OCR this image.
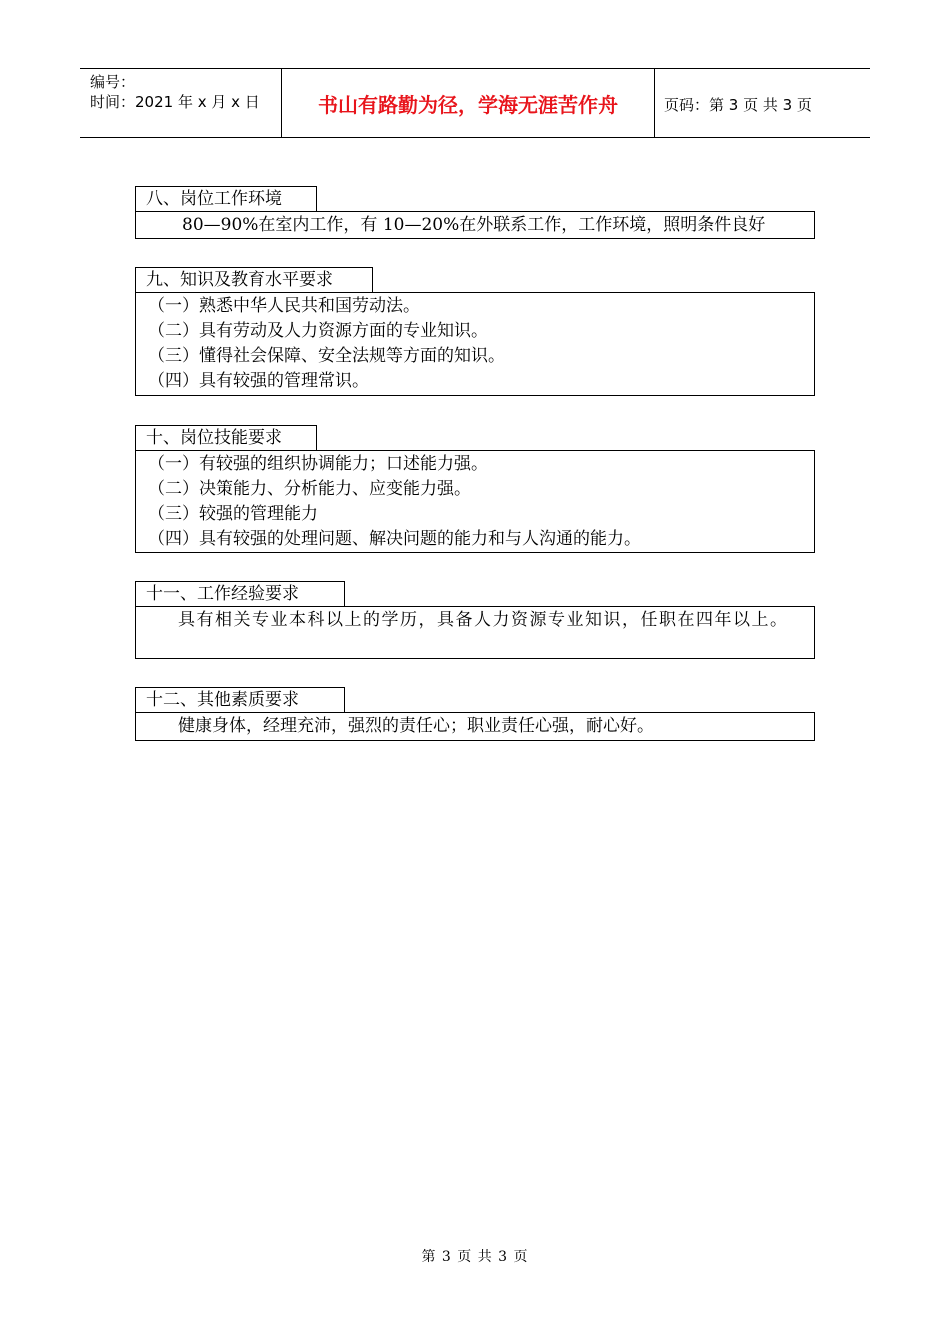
编号：
时间：2021 年 x 月 x 日	书山有路勤为径，学海无涯苦作舟	页码：第 3 页 共 3 页
八、岗位工作环境

80—90%在室内工作，有 10—20%在外联系工作，工作环境，照明条件良好

九、知识及教育水平要求

（一）熟悉中华人民共和国劳动法。

（二）具有劳动及人力资源方面的专业知识。

（三）懂得社会保障、安全法规等方面的知识。

（四）具有较强的管理常识。

十、岗位技能要求

（一）有较强的组织协调能力；口述能力强。

（二）决策能力、分析能力、应变能力强。

（三）较强的管理能力

（四）具有较强的处理问题、解决问题的能力和与人沟通的能力。

十一、工作经验要求

具有相关专业本科以上的学历，具备人力资源专业知识，任职在四年以上。

十二、其他素质要求

健康身体，经理充沛，强烈的责任心；职业责任心强，耐心好。

第 3 页 共 3 页
